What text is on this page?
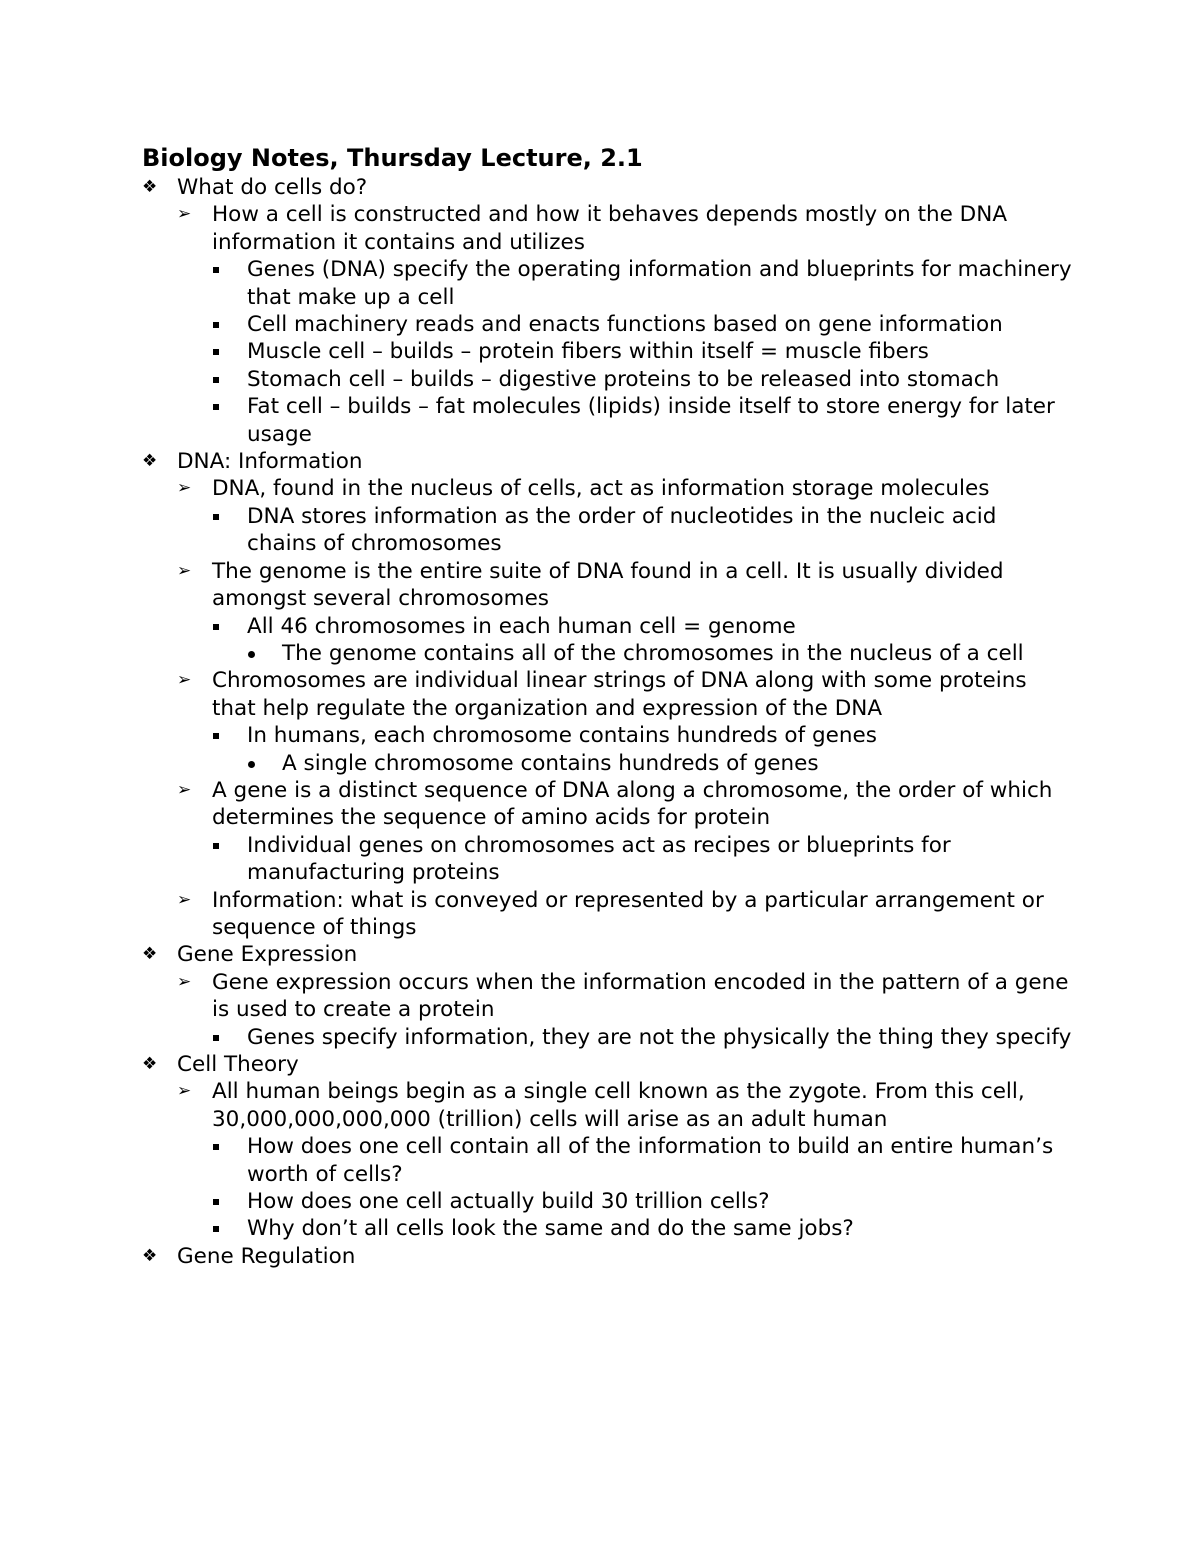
Biology Notes, Thursday Lecture, 2.1
❖ What do cells do?
➢ How a cell is constructed and how it behaves depends mostly on the DNA information it contains and utilizes
Genes (DNA) specify the operating information and blueprints for machinery that make up a cell
Cell machinery reads and enacts functions based on gene information
Muscle cell – builds – protein fibers within itself = muscle fibers
Stomach cell – builds – digestive proteins to be released into stomach
Fat cell – builds – fat molecules (lipids) inside itself to store energy for later usage
❖ DNA: Information
➢ DNA, found in the nucleus of cells, act as information storage molecules
DNA stores information as the order of nucleotides in the nucleic acid chains of chromosomes
➢ The genome is the entire suite of DNA found in a cell. It is usually divided amongst several chromosomes
All 46 chromosomes in each human cell = genome
The genome contains all of the chromosomes in the nucleus of a cell
➢ Chromosomes are individual linear strings of DNA along with some proteins that help regulate the organization and expression of the DNA
In humans, each chromosome contains hundreds of genes
A single chromosome contains hundreds of genes
➢ A gene is a distinct sequence of DNA along a chromosome, the order of which determines the sequence of amino acids for protein
Individual genes on chromosomes act as recipes or blueprints for manufacturing proteins
➢ Information: what is conveyed or represented by a particular arrangement or sequence of things
❖ Gene Expression
➢ Gene expression occurs when the information encoded in the pattern of a gene is used to create a protein
Genes specify information, they are not the physically the thing they specify
❖ Cell Theory
➢ All human beings begin as a single cell known as the zygote. From this cell, 30,000,000,000,000 (trillion) cells will arise as an adult human
How does one cell contain all of the information to build an entire human’s worth of cells?
How does one cell actually build 30 trillion cells?
Why don’t all cells look the same and do the same jobs?
❖ Gene Regulation
